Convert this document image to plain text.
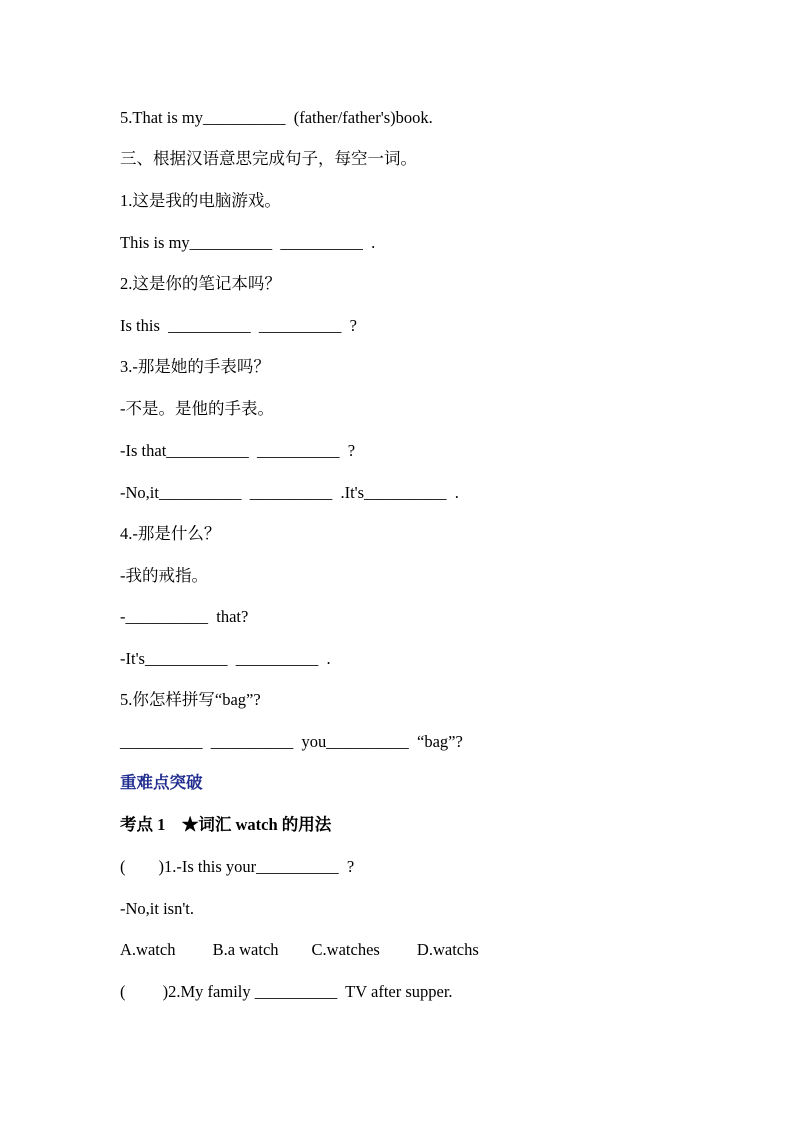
5.That is my__________  (father/father's)book.
三、根据汉语意思完成句子，每空一词。
1.这是我的电脑游戏。
This is my__________  __________  .
2.这是你的笔记本吗？
Is this  __________  __________  ?
3.-那是她的手表吗？
-不是。是他的手表。
-Is that__________  __________  ?
-No,it__________  __________  .It's__________  .
4.-那是什么？
-我的戒指。
-__________  that?
-It's__________  __________  .
5.你怎样拼写“bag”?
__________  __________  you__________  “bag”?
重难点突破
考点 1　★词汇 watch 的用法
(　　)1.-Is this your__________  ?
-No,it isn't.
A.watch　　 B.a watch　　C.watches　　 D.watchs
(　　 )2.My family __________  TV after supper.
